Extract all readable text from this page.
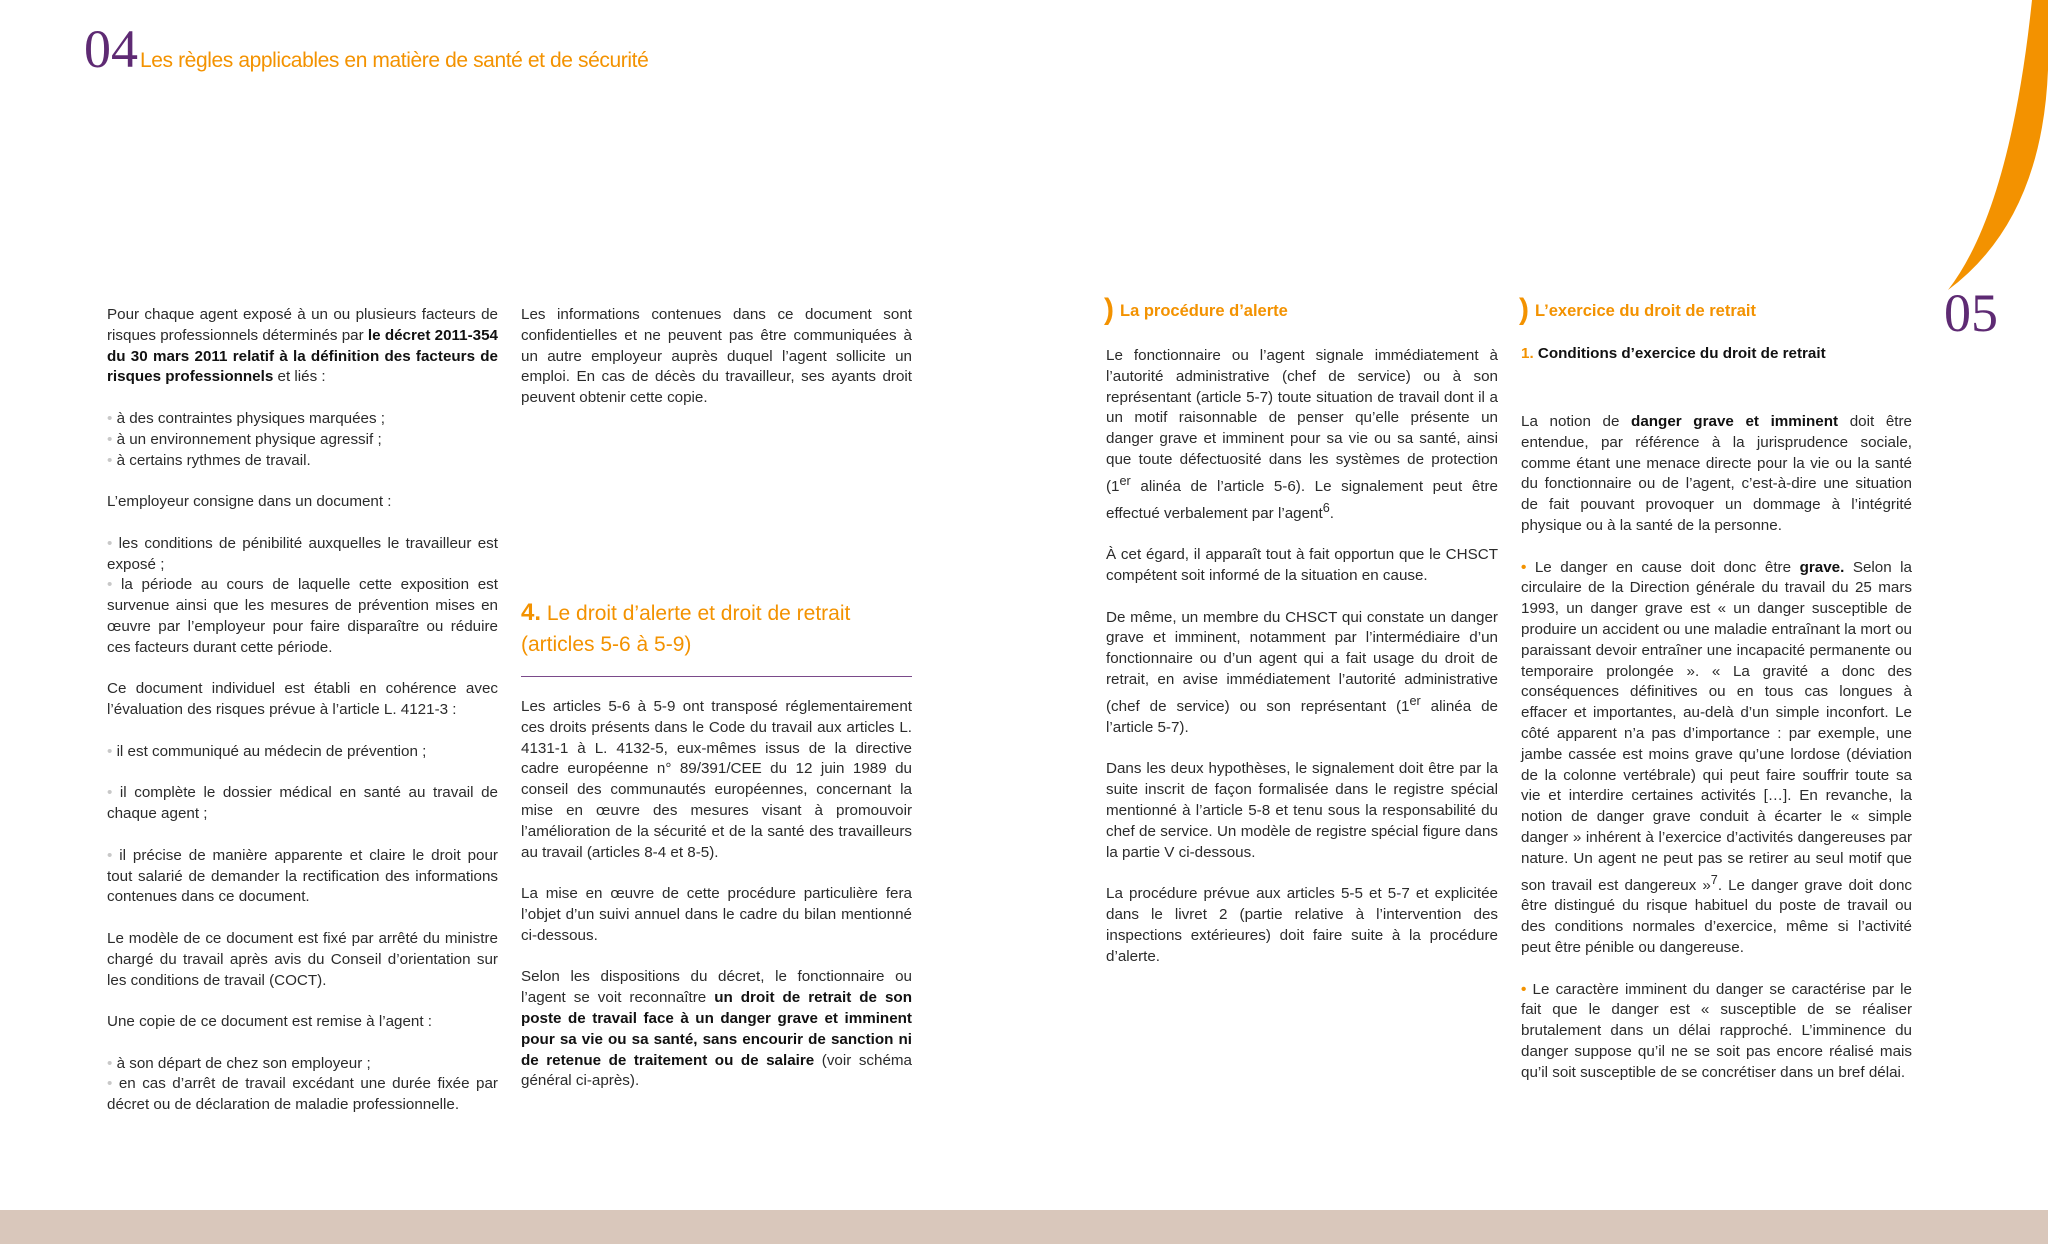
04 Les règles applicables en matière de santé et de sécurité
05

Pour chaque agent exposé à un ou plusieurs facteurs de risques professionnels déterminés par le décret 2011-354 du 30 mars 2011 relatif à la définition des facteurs de risques professionnels et liés :

• à des contraintes physiques marquées ;
• à un environnement physique agressif ;
• à certains rythmes de travail.

L’employeur consigne dans un document :

• les conditions de pénibilité auxquelles le travailleur est exposé ;
• la période au cours de laquelle cette exposition est survenue ainsi que les mesures de prévention mises en œuvre par l’employeur pour faire disparaître ou réduire ces facteurs durant cette période.

Ce document individuel est établi en cohérence avec l’évaluation des risques prévue à l’article L. 4121-3 :

• il est communiqué au médecin de prévention ;

• il complète le dossier médical en santé au travail de chaque agent ;

• il précise de manière apparente et claire le droit pour tout salarié de demander la rectification des informations contenues dans ce document.

Le modèle de ce document est fixé par arrêté du ministre chargé du travail après avis du Conseil d’orientation sur les conditions de travail (COCT).

Une copie de ce document est remise à l’agent :

• à son départ de chez son employeur ;
• en cas d’arrêt de travail excédant une durée fixée par décret ou de déclaration de maladie professionnelle.

Les informations contenues dans ce document sont confidentielles et ne peuvent pas être communiquées à un autre employeur auprès duquel l’agent sollicite un emploi. En cas de décès du travailleur, ses ayants droit peuvent obtenir cette copie.

4. Le droit d’alerte et droit de retrait (articles 5-6 à 5-9)

Les articles 5-6 à 5-9 ont transposé réglementairement ces droits présents dans le Code du travail aux articles L. 4131-1 à L. 4132-5, eux-mêmes issus de la directive cadre européenne n° 89/391/CEE du 12 juin 1989 du conseil des communautés européennes, concernant la mise en œuvre des mesures visant à promouvoir l’amélioration de la sécurité et de la santé des travailleurs au travail (articles 8-4 et 8-5).

La mise en œuvre de cette procédure particulière fera l’objet d’un suivi annuel dans le cadre du bilan mentionné ci-dessous.

Selon les dispositions du décret, le fonctionnaire ou l’agent se voit reconnaître un droit de retrait de son poste de travail face à un danger grave et imminent pour sa vie ou sa santé, sans encourir de sanction ni de retenue de traitement ou de salaire (voir schéma général ci-après).

) La procédure d’alerte

Le fonctionnaire ou l’agent signale immédiatement à l’autorité administrative (chef de service) ou à son représentant (article 5-7) toute situation de travail dont il a un motif raisonnable de penser qu’elle présente un danger grave et imminent pour sa vie ou sa santé, ainsi que toute défectuosité dans les systèmes de protection (1er alinéa de l’article 5-6). Le signalement peut être effectué verbalement par l’agent$^6$.

À cet égard, il apparaît tout à fait opportun que le CHSCT compétent soit informé de la situation en cause.

De même, un membre du CHSCT qui constate un danger grave et imminent, notamment par l’intermédiaire d’un fonctionnaire ou d’un agent qui a fait usage du droit de retrait, en avise immédiatement l’autorité administrative (chef de service) ou son représentant (1er alinéa de l’article 5-7).

Dans les deux hypothèses, le signalement doit être par la suite inscrit de façon formalisée dans le registre spécial mentionné à l’article 5-8 et tenu sous la responsabilité du chef de service. Un modèle de registre spécial figure dans la partie V ci-dessous.

La procédure prévue aux articles 5-5 et 5-7 et explicitée dans le livret 2 (partie relative à l’intervention des inspections extérieures) doit faire suite à la procédure d’alerte.

) L’exercice du droit de retrait
1. Conditions d’exercice du droit de retrait

La notion de danger grave et imminent doit être entendue, par référence à la jurisprudence sociale, comme étant une menace directe pour la vie ou la santé du fonctionnaire ou de l’agent, c’est-à-dire une situation de fait pouvant provoquer un dommage à l’intégrité physique ou à la santé de la personne.

• Le danger en cause doit donc être grave. Selon la circulaire de la Direction générale du travail du 25 mars 1993, un danger grave est « un danger susceptible de produire un accident ou une maladie entraînant la mort ou paraissant devoir entraîner une incapacité permanente ou temporaire prolongée ». « La gravité a donc des conséquences définitives ou en tous cas longues à effacer et importantes, au-delà d’un simple inconfort. Le côté apparent n’a pas d’importance : par exemple, une jambe cassée est moins grave qu’une lordose (déviation de la colonne vertébrale) qui peut faire souffrir toute sa vie et interdire certaines activités […]. En revanche, la notion de danger grave conduit à écarter le « simple danger » inhérent à l’exercice d’activités dangereuses par nature. Un agent ne peut pas se retirer au seul motif que son travail est dangereux »$^7$. Le danger grave doit donc être distingué du risque habituel du poste de travail ou des conditions normales d’exercice, même si l’activité peut être pénible ou dangereuse.

• Le caractère imminent du danger se caractérise par le fait que le danger est « susceptible de se réaliser brutalement dans un délai rapproché. L’imminence du danger suppose qu’il ne se soit pas encore réalisé mais qu’il soit susceptible de se concrétiser dans un bref délai.
